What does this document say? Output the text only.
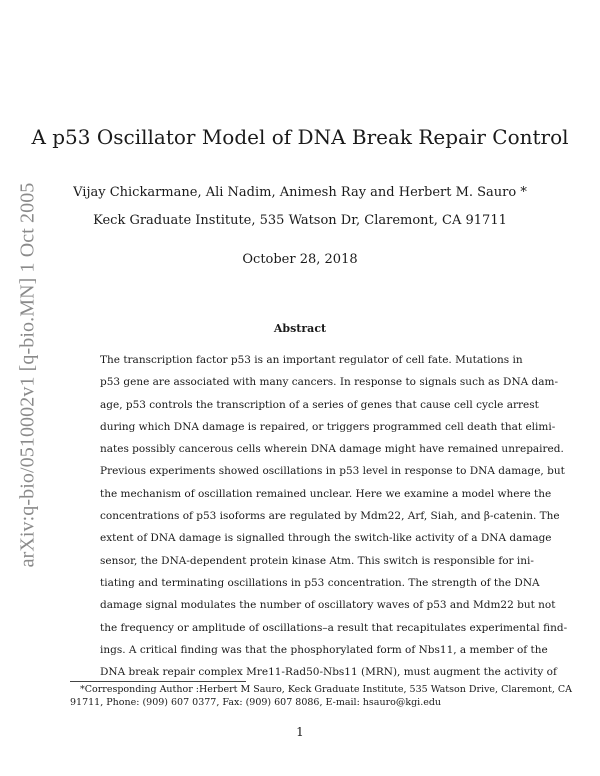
arXiv:q-bio/0510002v1 [q-bio.MN] 1 Oct 2005
A p53 Oscillator Model of DNA Break Repair Control
Vijay Chickarmane, Ali Nadim, Animesh Ray and Herbert M. Sauro *
Keck Graduate Institute, 535 Watson Dr, Claremont, CA 91711
October 28, 2018
Abstract
The transcription factor p53 is an important regulator of cell fate. Mutations in
p53 gene are associated with many cancers. In response to signals such as DNA dam-
age, p53 controls the transcription of a series of genes that cause cell cycle arrest
during which DNA damage is repaired, or triggers programmed cell death that elimi-
nates possibly cancerous cells wherein DNA damage might have remained unrepaired.
Previous experiments showed oscillations in p53 level in response to DNA damage, but
the mechanism of oscillation remained unclear. Here we examine a model where the
concentrations of p53 isoforms are regulated by Mdm22, Arf, Siah, and β-catenin. The
extent of DNA damage is signalled through the switch-like activity of a DNA damage
sensor, the DNA-dependent protein kinase Atm. This switch is responsible for ini-
tiating and terminating oscillations in p53 concentration. The strength of the DNA
damage signal modulates the number of oscillatory waves of p53 and Mdm22 but not
the frequency or amplitude of oscillations–a result that recapitulates experimental find-
ings. A critical finding was that the phosphorylated form of Nbs11, a member of the
DNA break repair complex Mre11-Rad50-Nbs11 (MRN), must augment the activity of
*Corresponding Author :Herbert M Sauro, Keck Graduate Institute, 535 Watson Drive, Claremont, CA
91711, Phone: (909) 607 0377, Fax: (909) 607 8086, E-mail: hsauro@kgi.edu
1
